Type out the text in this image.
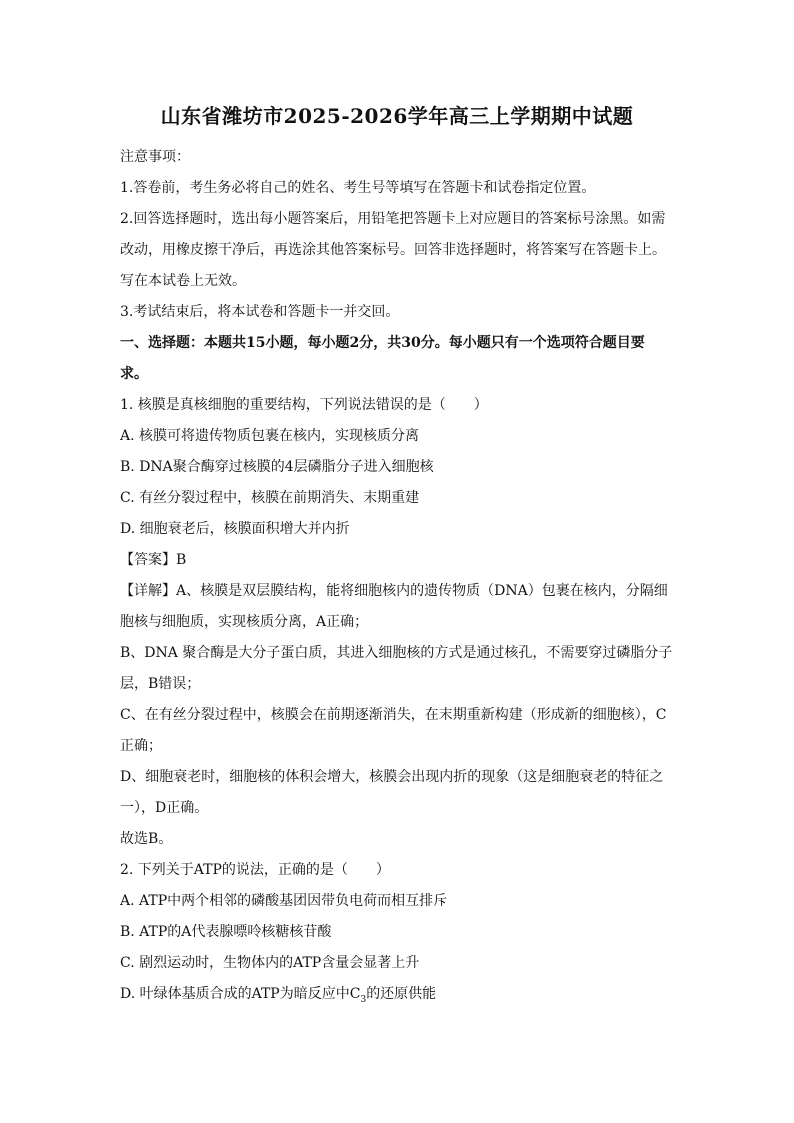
山东省潍坊市2025-2026学年高三上学期期中试题

注意事项：

1.答卷前，考生务必将自己的姓名、考生号等填写在答题卡和试卷指定位置。

2.回答选择题时，选出每小题答案后，用铅笔把答题卡上对应题目的答案标号涂黑。如需

改动，用橡皮擦干净后，再选涂其他答案标号。回答非选择题时，将答案写在答题卡上。

写在本试卷上无效。

3.考试结束后，将本试卷和答题卡一并交回。

一、选择题：本题共15小题，每小题2分，共30分。每小题只有一个选项符合题目要

求。

1. 核膜是真核细胞的重要结构，下列说法错误的是（　　）

A. 核膜可将遗传物质包裹在核内，实现核质分离

B. DNA聚合酶穿过核膜的4层磷脂分子进入细胞核

C. 有丝分裂过程中，核膜在前期消失、末期重建

D. 细胞衰老后，核膜面积增大并内折

【答案】B

【详解】A、核膜是双层膜结构，能将细胞核内的遗传物质（DNA）包裹在核内，分隔细

胞核与细胞质，实现核质分离，A正确；

B、DNA 聚合酶是大分子蛋白质，其进入细胞核的方式是通过核孔，不需要穿过磷脂分子

层，B错误；

C、在有丝分裂过程中，核膜会在前期逐渐消失，在末期重新构建（形成新的细胞核），C

正确；

D、细胞衰老时，细胞核的体积会增大，核膜会出现内折的现象（这是细胞衰老的特征之

一），D正确。

故选B。

2. 下列关于ATP的说法，正确的是（　　）

A. ATP中两个相邻的磷酸基团因带负电荷而相互排斥

B. ATP的A代表腺嘌呤核糖核苷酸

C. 剧烈运动时，生物体内的ATP含量会显著上升

D. 叶绿体基质合成的ATP为暗反应中$C_3$的还原供能
